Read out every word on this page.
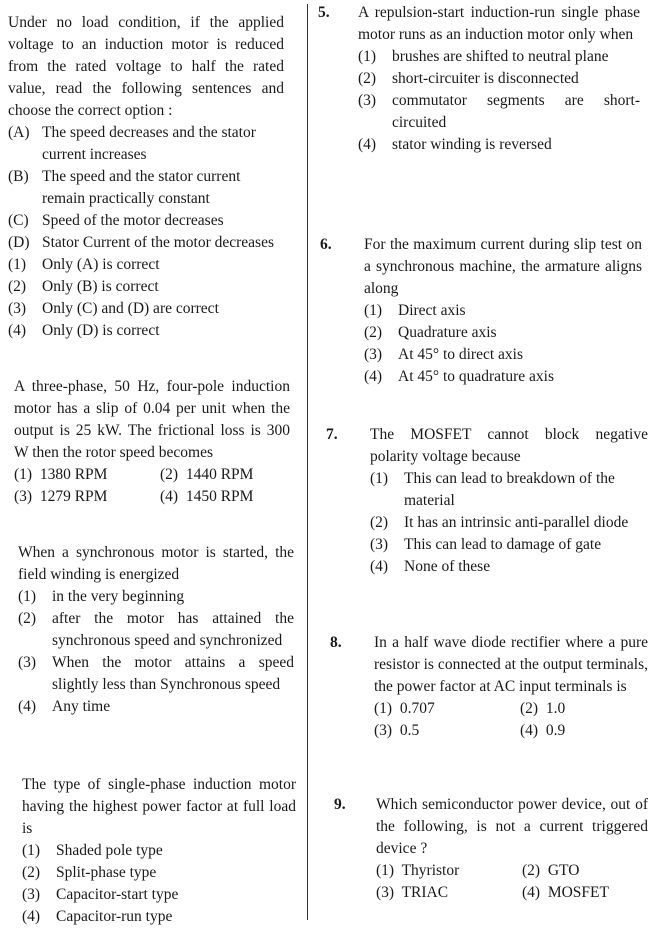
Under no load condition, if the applied voltage to an induction motor is reduced from the rated voltage to half the rated value, read the following sentences and choose the correct option :

(A) The speed decreases and the stator current increases
(B) The speed and the stator current remain practically constant
(C) Speed of the motor decreases
(D) Stator Current of the motor decreases
(1) Only (A) is correct
(2) Only (B) is correct
(3) Only (C) and (D) are correct
(4) Only (D) is correct

A three-phase, 50 Hz, four-pole induction motor has a slip of 0.04 per unit when the output is 25 kW. The frictional loss is 300 W then the rotor speed becomes

(1) 1380 RPM	(2) 1440 RPM
(3) 1279 RPM	(4) 1450 RPM

When a synchronous motor is started, the field winding is energized

(1) in the very beginning
(2) after the motor has attained the synchronous speed and synchronized
(3) When the motor attains a speed slightly less than Synchronous speed
(4) Any time

The type of single-phase induction motor having the highest power factor at full load is

(1) Shaded pole type
(2) Split-phase type
(3) Capacitor-start type
(4) Capacitor-run type
5. A repulsion-start induction-run single phase motor runs as an induction motor only when

(1) brushes are shifted to neutral plane
(2) short-circuiter is disconnected
(3) commutator segments are short-circuited
(4) stator winding is reversed
6. For the maximum current during slip test on a synchronous machine, the armature aligns along

(1) Direct axis
(2) Quadrature axis
(3) At 45° to direct axis
(4) At 45° to quadrature axis
7. The MOSFET cannot block negative polarity voltage because

(1) This can lead to breakdown of the material
(2) It has an intrinsic anti-parallel diode
(3) This can lead to damage of gate
(4) None of these
8. In a half wave diode rectifier where a pure resistor is connected at the output terminals, the power factor at AC input terminals is

(1) 0.707	(2) 1.0
(3) 0.5	(4) 0.9
9. Which semiconductor power device, out of the following, is not a current triggered device ?

(1) Thyristor	(2) GTO
(3) TRIAC	(4) MOSFET
